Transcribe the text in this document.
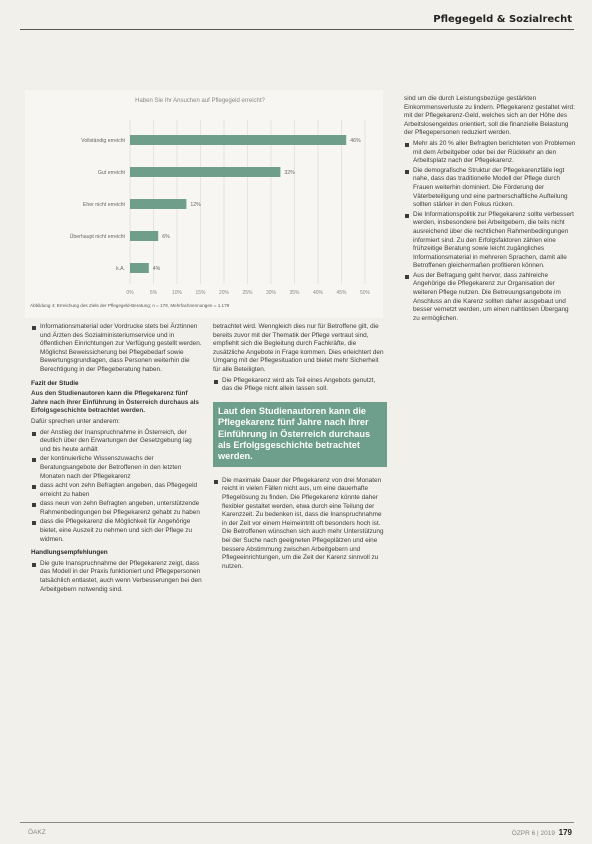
Pflegegeld & Sozialrecht
Haben Sie Ihr Ansuchen auf Pflegegeld erreicht?
0%	5%	10%	15%	20%	25%	30%	35%	40%	45%	50%
Vollständig erreicht	46%
Gut erreicht	32%
Eher nicht erreicht	12%
Überhaupt nicht erreicht	6%
k.A.	4%
Abbildung 4: Erreichung des Ziels der Pflegegeld-Beratung; n = 178, Mehrfachnennungen = 1.179
Informationsmaterial oder Vordrucke stets bei Ärztinnen und Ärzten des Sozialministeriumservice und in öffentlichen Einrichtungen zur Verfügung gestellt werden. Möglichst Beweissicherung bei Pflegebedarf sowie Bewertungsgrundlagen, dass Personen weiterhin die Berechtigung in der Pflegeberatung haben.

Fazit der Studie

Aus den Studienautoren kann die Pflegekarenz fünf Jahre nach ihrer Einführung in Österreich durchaus als Erfolgsgeschichte betrachtet werden.

Dafür sprechen unter anderem:

der Anstieg der Inanspruchnahme in Österreich, der deutlich über den Erwartungen der Gesetzgebung lag und bis heute anhält
der kontinuierliche Wissenszuwachs der Beratungsangebote der Betroffenen in den letzten Monaten nach der Pflegekarenz
dass acht von zehn Befragten angeben, das Pflegegeld erreicht zu haben
dass neun von zehn Befragten angeben, unterstützende Rahmenbedingungen bei Pflegekarenz gehabt zu haben
dass die Pflegekarenz die Möglichkeit für Angehörige bietet, eine Auszeit zu nehmen und sich der Pflege zu widmen.

Handlungsempfehlungen

Die gute Inanspruchnahme der Pflegekarenz zeigt, dass das Modell in der Praxis funktioniert und Pflegepersonen tatsächlich entlastet, auch wenn Verbesserungen bei den Arbeitgebern notwendig sind.

betrachtet wird. Wenngleich dies nur für Betroffene gilt, die bereits zuvor mit der Thematik der Pflege vertraut sind, empfiehlt sich die Begleitung durch Fachkräfte, die zusätzliche Angebote in Frage kommen. Dies erleichtert den Umgang mit der Pflegesituation und bietet mehr Sicherheit für alle Beteiligten.

Die Pflegekarenz wird als Teil eines Angebots genutzt, das die Pflege nicht allein lassen soll.
Laut den Studienautoren kann die Pflegekarenz fünf Jahre nach ihrer Einführung in Österreich durchaus als Erfolgsgeschichte betrachtet werden.
Die maximale Dauer der Pflegekarenz von drei Monaten reicht in vielen Fällen nicht aus, um eine dauerhafte Pflegelösung zu finden. Die Pflegekarenz könnte daher flexibler gestaltet werden, etwa durch eine Teilung der Karenzzeit. Zu bedenken ist, dass die Inanspruchnahme in der Zeit vor einem Heimeintritt oft besonders hoch ist. Die Betroffenen wünschen sich auch mehr Unterstützung bei der Suche nach geeigneten Pflegeplätzen und eine bessere Abstimmung zwischen Arbeitgebern und Pflegeeinrichtungen, um die Zeit der Karenz sinnvoll zu nutzen.

sind um die durch Leistungsbezüge gestärkten Einkommensverluste zu lindern. Pflegekarenz gestaltet wird: mit der Pflegekarenz-Geld, welches sich an der Höhe des Arbeitslosengeldes orientiert, soll die finanzielle Belastung der Pflegepersonen reduziert werden.

Mehr als 20 % aller Befragten berichteten von Problemen mit dem Arbeitgeber oder bei der Rückkehr an den Arbeitsplatz nach der Pflegekarenz.
Die demografische Struktur der Pflegekarenzfälle legt nahe, dass das traditionelle Modell der Pflege durch Frauen weiterhin dominiert. Die Förderung der Väterbeteiligung und eine partnerschaftliche Aufteilung sollten stärker in den Fokus rücken.
Die Informationspolitik zur Pflegekarenz sollte verbessert werden, insbesondere bei Arbeitgebern, die teils nicht ausreichend über die rechtlichen Rahmenbedingungen informiert sind. Zu den Erfolgsfaktoren zählen eine frühzeitige Beratung sowie leicht zugängliches Informationsmaterial in mehreren Sprachen, damit alle Betroffenen gleichermaßen profitieren können.
Aus der Befragung geht hervor, dass zahlreiche Angehörige die Pflegekarenz zur Organisation der weiteren Pflege nutzen. Die Betreuungsangebote im Anschluss an die Karenz sollten daher ausgebaut und besser vernetzt werden, um einen nahtlosen Übergang zu ermöglichen.
ÖAKZ	ÖZPR 6 | 2019 179
